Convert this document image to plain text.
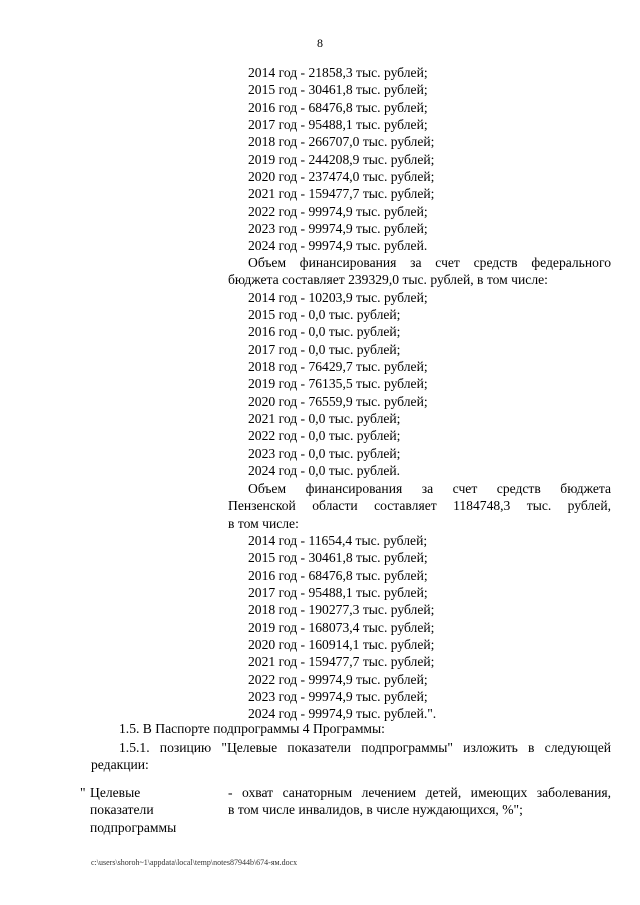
8
2014 год - 21858,3 тыс. рублей;
2015 год - 30461,8 тыс. рублей;
2016 год - 68476,8 тыс. рублей;
2017 год - 95488,1 тыс. рублей;
2018 год - 266707,0 тыс. рублей;
2019 год - 244208,9 тыс. рублей;
2020 год - 237474,0 тыс. рублей;
2021 год - 159477,7 тыс. рублей;
2022 год - 99974,9 тыс. рублей;
2023 год - 99974,9 тыс. рублей;
2024 год - 99974,9 тыс. рублей.
Объем финансирования за счет средств федерального
бюджета составляет 239329,0 тыс. рублей, в том числе:
2014 год - 10203,9 тыс. рублей;
2015 год - 0,0 тыс. рублей;
2016 год - 0,0 тыс. рублей;
2017 год - 0,0 тыс. рублей;
2018 год - 76429,7 тыс. рублей;
2019 год - 76135,5 тыс. рублей;
2020 год - 76559,9 тыс. рублей;
2021 год - 0,0 тыс. рублей;
2022 год - 0,0 тыс. рублей;
2023 год - 0,0 тыс. рублей;
2024 год - 0,0 тыс. рублей.
Объем финансирования за счет средств бюджета
Пензенской области составляет 1184748,3 тыс. рублей,
в том числе:
2014 год - 11654,4 тыс. рублей;
2015 год - 30461,8 тыс. рублей;
2016 год - 68476,8 тыс. рублей;
2017 год - 95488,1 тыс. рублей;
2018 год - 190277,3 тыс. рублей;
2019 год - 168073,4 тыс. рублей;
2020 год - 160914,1 тыс. рублей;
2021 год - 159477,7 тыс. рублей;
2022 год - 99974,9 тыс. рублей;
2023 год - 99974,9 тыс. рублей;
2024 год - 99974,9 тыс. рублей.".
1.5. В Паспорте подпрограммы 4 Программы:
1.5.1. позицию "Целевые показатели подпрограммы" изложить в следующей
редакции:
" Целевые
показатели
подпрограммы
- охват санаторным лечением детей, имеющих заболевания,
в том числе инвалидов, в числе нуждающихся, %";
c:\users\shoroh~1\appdata\local\temp\notes87944b\674-ям.docx
